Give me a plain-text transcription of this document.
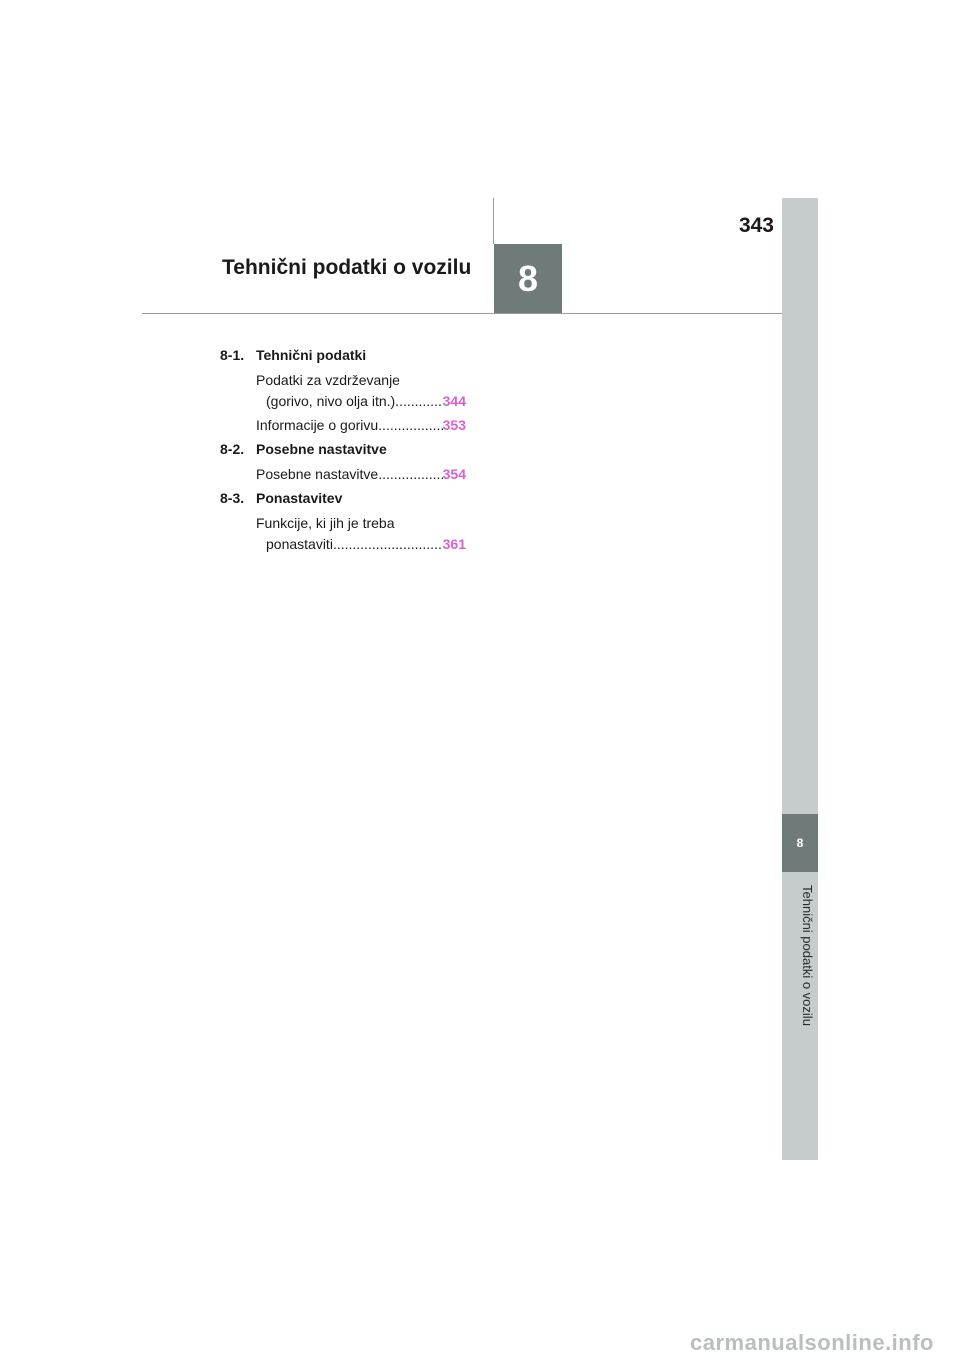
343
Tehnični podatki o vozilu	8
8
Tehnični podatki o vozilu
8-1. Tehnični podatki
Podatki za vzdrževanje
(gorivo, nivo olja itn.) .....	344
Informacije o gorivu .....	353
8-2. Posebne nastavitve
Posebne nastavitve .....	354
8-3. Ponastavitev
Funkcije, ki jih je treba
ponastaviti .....	361
carmanualsonline.info
